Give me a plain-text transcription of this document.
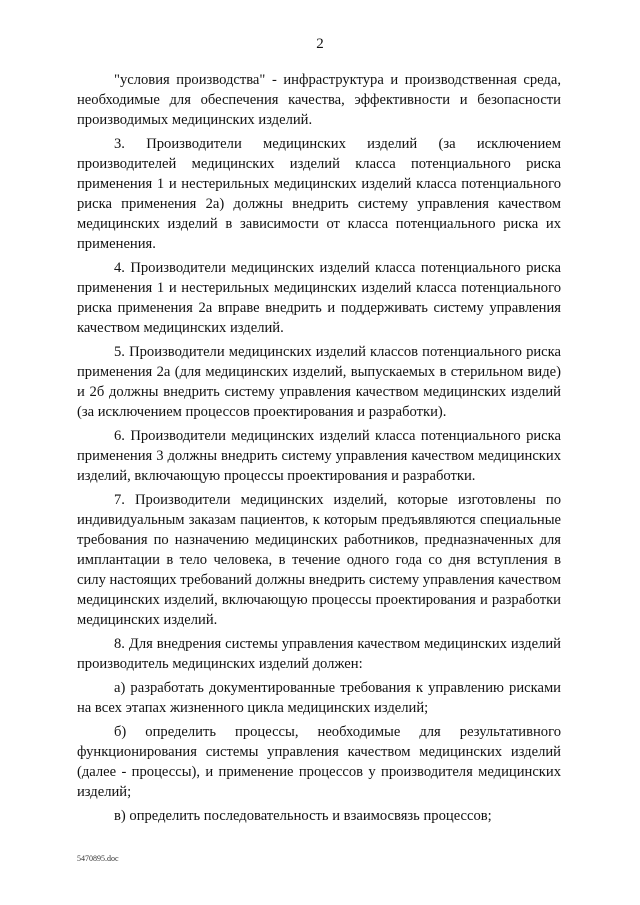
2

"условия производства" - инфраструктура и производственная среда, необходимые для обеспечения качества, эффективности и безопасности производимых медицинских изделий.

3. Производители медицинских изделий (за исключением производителей медицинских изделий класса потенциального риска применения 1 и нестерильных медицинских изделий класса потенциального риска применения 2а) должны внедрить систему управления качеством медицинских изделий в зависимости от класса потенциального риска их применения.

4. Производители медицинских изделий класса потенциального риска применения 1 и нестерильных медицинских изделий класса потенциального риска применения 2а вправе внедрить и поддерживать систему управления качеством медицинских изделий.

5. Производители медицинских изделий классов потенциального риска применения 2а (для медицинских изделий, выпускаемых в стерильном виде) и 2б должны внедрить систему управления качеством медицинских изделий (за исключением процессов проектирования и разработки).

6. Производители медицинских изделий класса потенциального риска применения 3 должны внедрить систему управления качеством медицинских изделий, включающую процессы проектирования и разработки.

7. Производители медицинских изделий, которые изготовлены по индивидуальным заказам пациентов, к которым предъявляются специальные требования по назначению медицинских работников, предназначенных для имплантации в тело человека, в течение одного года со дня вступления в силу настоящих требований должны внедрить систему управления качеством медицинских изделий, включающую процессы проектирования и разработки медицинских изделий.

8. Для внедрения системы управления качеством медицинских изделий производитель медицинских изделий должен:

а) разработать документированные требования к управлению рисками на всех этапах жизненного цикла медицинских изделий;

б) определить процессы, необходимые для результативного функционирования системы управления качеством медицинских изделий (далее - процессы), и применение процессов у производителя медицинских изделий;

в) определить последовательность и взаимосвязь процессов;

5470895.doc
